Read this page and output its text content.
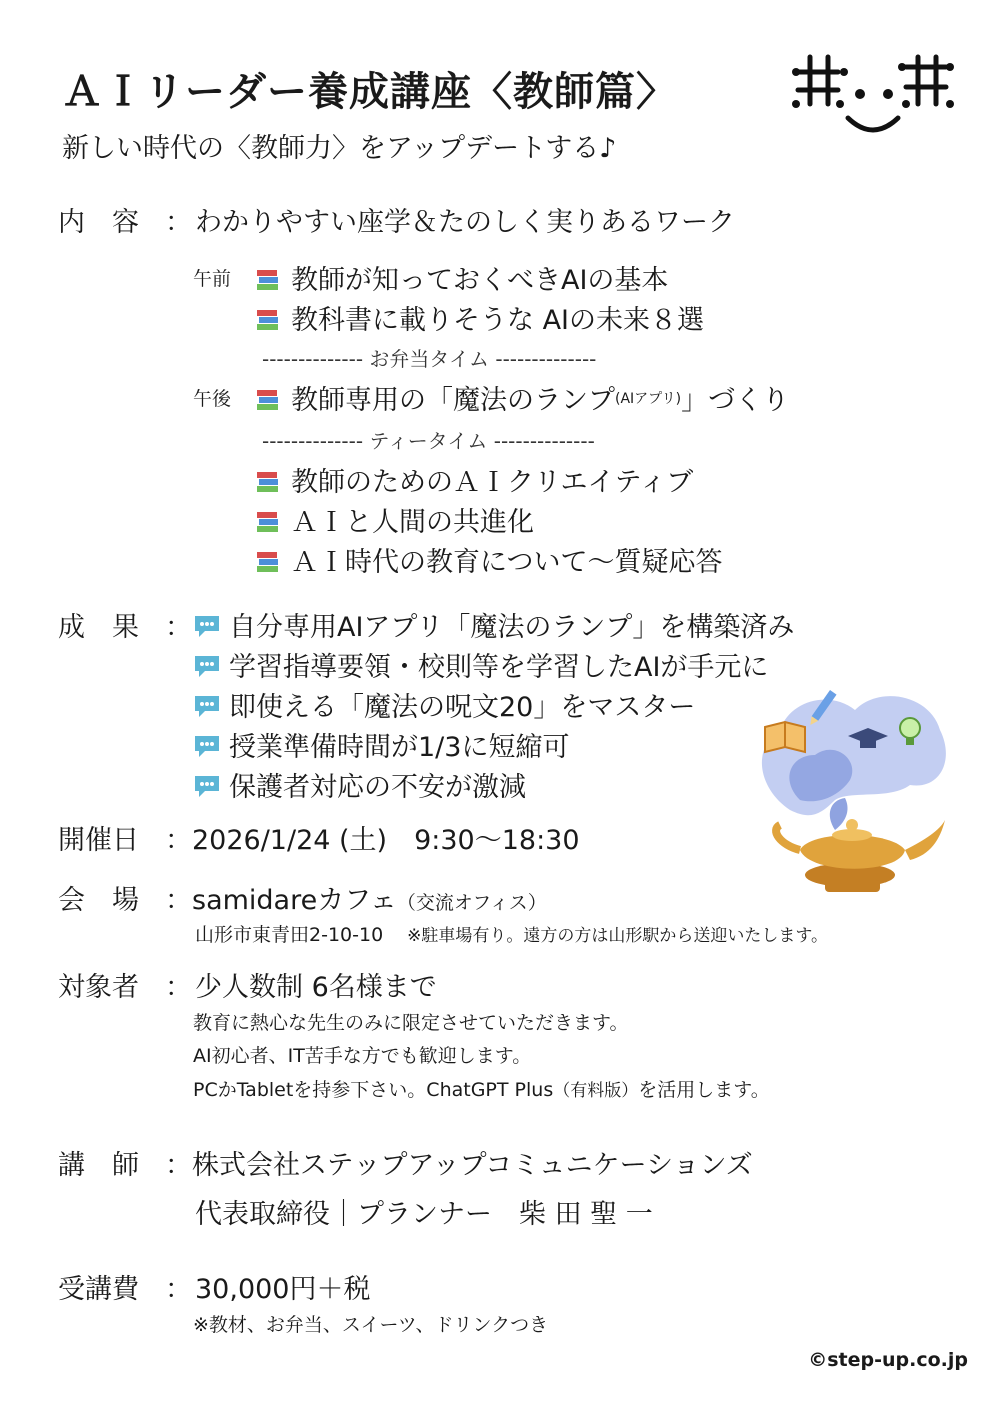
ＡＩリーダー養成講座〈教師篇〉
新しい時代の〈教師力〉をアップデートする♪
内　容 ： わかりやすい座学＆たのしく実りあるワーク
午前	教師が知っておくべきAIの基本
教科書に載りそうな AIの未来８選
-------------- お弁当タイム --------------
午後	教師専用の「魔法のランプ$^{(AIアプリ)}$」づくり
-------------- ティータイム --------------
教師のためのＡＩクリエイティブ
ＡＩと人間の共進化
ＡＩ時代の教育について〜質疑応答
成　果 ：	自分専用AIアプリ「魔法のランプ」を構築済み
学習指導要領・校則等を学習したAIが手元に
即使える「魔法の呪文20」をマスター
授業準備時間が1/3に短縮可
保護者対応の不安が激減
開催日 ：2026/1/24 (土)　9:30〜18:30
会　場 ：samidareカフェ（交流オフィス）
山形市東青田2-10-10 ※駐車場有り。遠方の方は山形駅から送迎いたします。
対象者 ： 少人数制 6名様まで
教育に熱心な先生のみに限定させていただきます。
AI初心者、IT苦手な方でも歓迎します。
PCかTabletを持参下さい。ChatGPT Plus（有料版）を活用します。
講　師 ：株式会社ステップアップコミュニケーションズ
代表取締役｜プランナー　柴 田 聖 一
受講費 ： 30,000円＋税
※教材、お弁当、スイーツ、ドリンクつき
©step-up.co.jp
